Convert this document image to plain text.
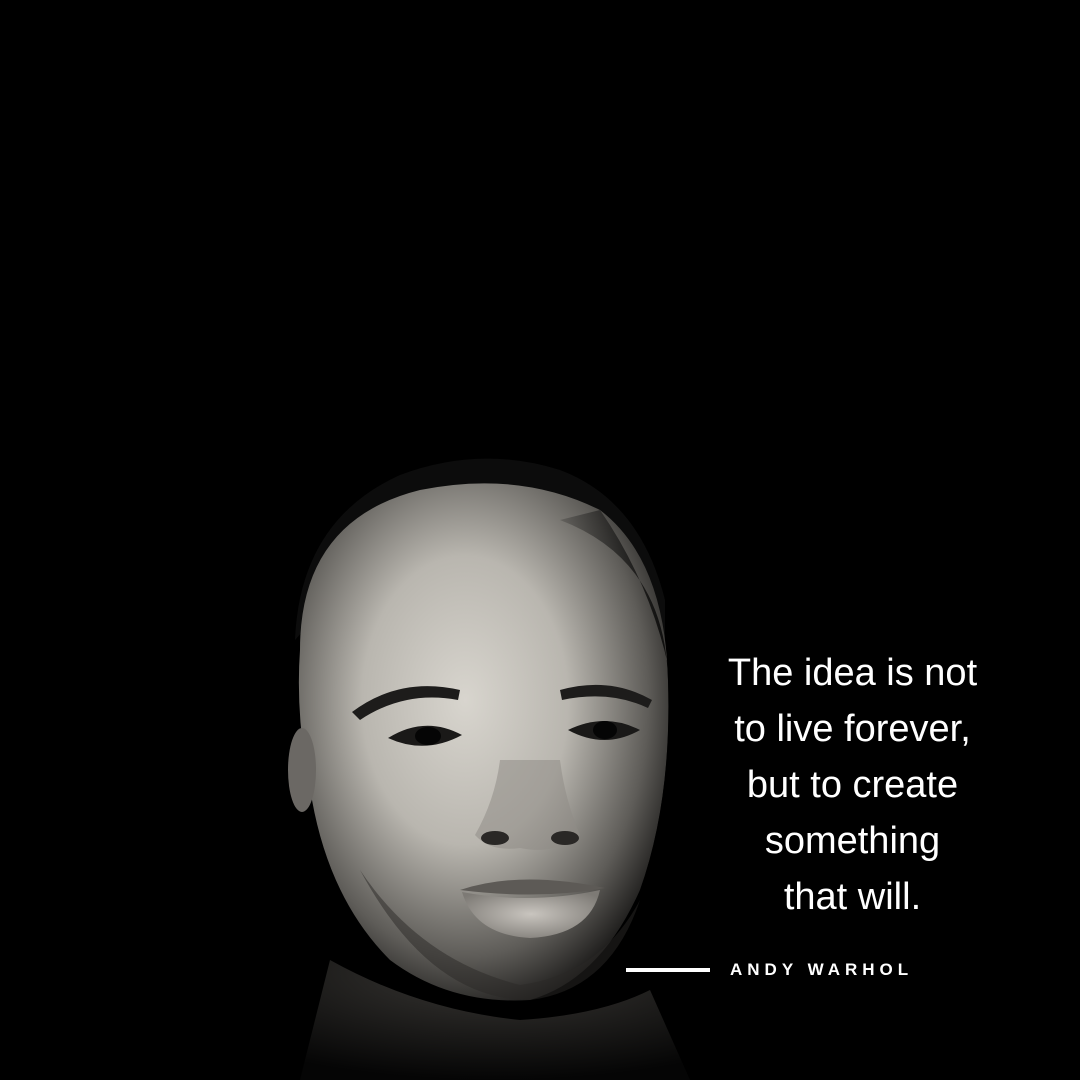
The idea is not
to live forever,
but to create
something
that will.

ANDY WARHOL
